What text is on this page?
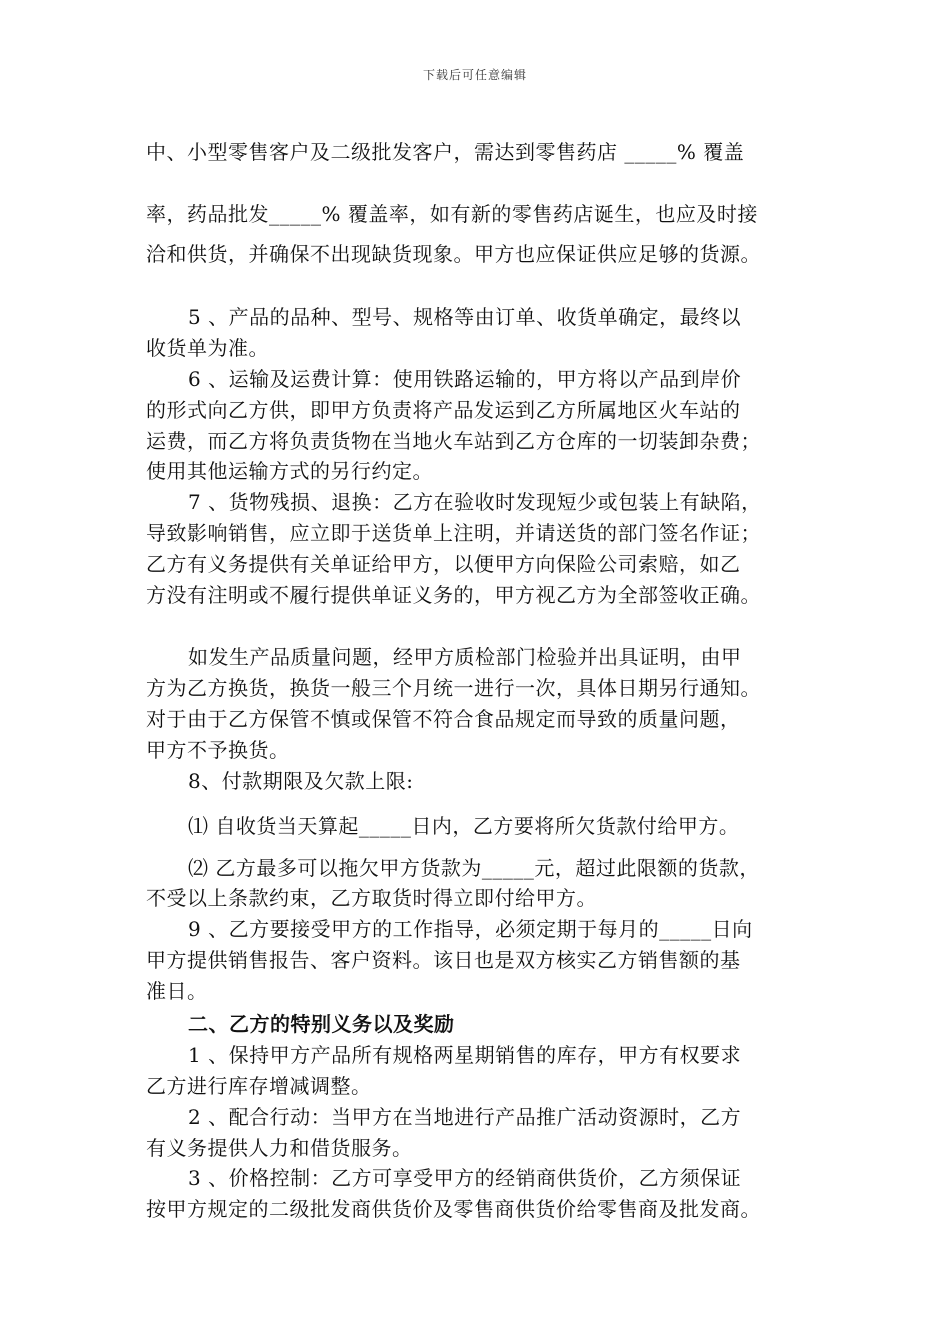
下载后可任意编辑
中、小型零售客户及二级批发客户，需达到零售药店 _____% 覆盖
率，药品批发_____% 覆盖率，如有新的零售药店诞生，也应及时接
洽和供货，并确保不出现缺货现象。甲方也应保证供应足够的货源。
5 、产品的品种、型号、规格等由订单、收货单确定，最终以
收货单为准。
6 、运输及运费计算：使用铁路运输的，甲方将以产品到岸价
的形式向乙方供，即甲方负责将产品发运到乙方所属地区火车站的
运费，而乙方将负责货物在当地火车站到乙方仓库的一切装卸杂费；
使用其他运输方式的另行约定。
7 、货物残损、退换：乙方在验收时发现短少或包装上有缺陷，
导致影响销售，应立即于送货单上注明，并请送货的部门签名作证；
乙方有义务提供有关单证给甲方，以便甲方向保险公司索赔，如乙
方没有注明或不履行提供单证义务的，甲方视乙方为全部签收正确。
如发生产品质量问题，经甲方质检部门检验并出具证明，由甲
方为乙方换货，换货一般三个月统一进行一次，具体日期另行通知。
对于由于乙方保管不慎或保管不符合食品规定而导致的质量问题，
甲方不予换货。
8、付款期限及欠款上限:
⑴ 自收货当天算起_____日内，乙方要将所欠货款付给甲方。
⑵ 乙方最多可以拖欠甲方货款为_____元，超过此限额的货款，
不受以上条款约束，乙方取货时得立即付给甲方。
9 、乙方要接受甲方的工作指导，必须定期于每月的_____日向
甲方提供销售报告、客户资料。该日也是双方核实乙方销售额的基
准日。
二、乙方的特别义务以及奖励
1 、保持甲方产品所有规格两星期销售的库存，甲方有权要求
乙方进行库存增减调整。
2 、配合行动：当甲方在当地进行产品推广活动资源时，乙方
有义务提供人力和借货服务。
3 、价格控制：乙方可享受甲方的经销商供货价，乙方须保证
按甲方规定的二级批发商供货价及零售商供货价给零售商及批发商。
